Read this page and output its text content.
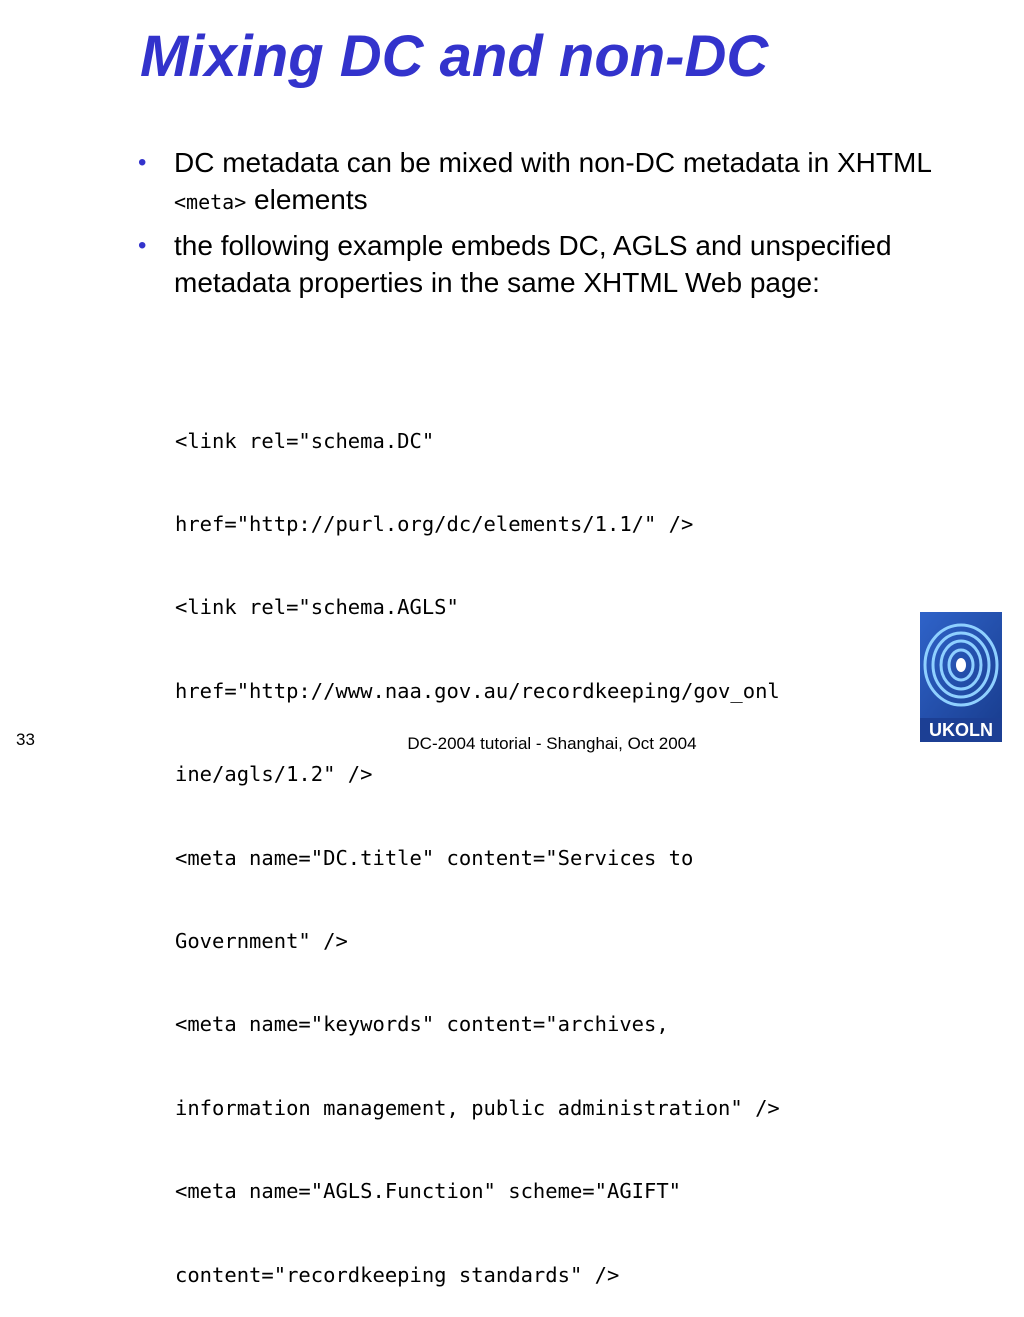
Mixing DC and non-DC
• DC metadata can be mixed with non-DC metadata in XHTML <meta> elements
• the following example embeds DC, AGLS and unspecified metadata properties in the same XHTML Web page:

<link rel="schema.DC"

href="http://purl.org/dc/elements/1.1/" />

<link rel="schema.AGLS"

href="http://www.naa.gov.au/recordkeeping/gov_onl

ine/agls/1.2" />

<meta name="DC.title" content="Services to

Government" />

<meta name="keywords" content="archives,

information management, public administration" />

<meta name="AGLS.Function" scheme="AGIFT"

content="recordkeeping standards" />

UKOLN
33	DC-2004 tutorial - Shanghai, Oct 2004
